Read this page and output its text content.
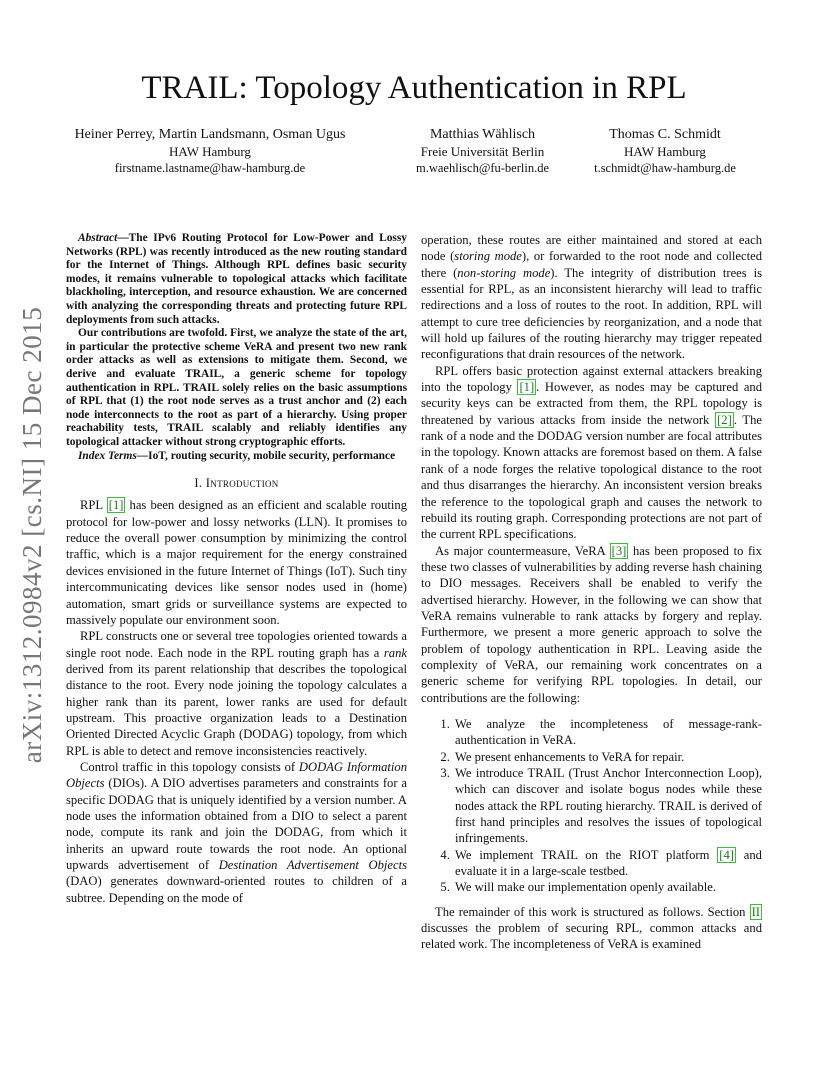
arXiv:1312.0984v2 [cs.NI] 15 Dec 2015
TRAIL: Topology Authentication in RPL
Heiner Perrey, Martin Landsmann, Osman Ugus
HAW Hamburg
firstname.lastname@haw-hamburg.de
Matthias Wählisch
Freie Universität Berlin
m.waehlisch@fu-berlin.de
Thomas C. Schmidt
HAW Hamburg
t.schmidt@haw-hamburg.de

Abstract—The IPv6 Routing Protocol for Low-Power and Lossy Networks (RPL) was recently introduced as the new routing standard for the Internet of Things. Although RPL defines basic security modes, it remains vulnerable to topological attacks which facilitate blackholing, interception, and resource exhaustion. We are concerned with analyzing the corresponding threats and protecting future RPL deployments from such attacks.

Our contributions are twofold. First, we analyze the state of the art, in particular the protective scheme VeRA and present two new rank order attacks as well as extensions to mitigate them. Second, we derive and evaluate TRAIL, a generic scheme for topology authentication in RPL. TRAIL solely relies on the basic assumptions of RPL that (1) the root node serves as a trust anchor and (2) each node interconnects to the root as part of a hierarchy. Using proper reachability tests, TRAIL scalably and reliably identifies any topological attacker without strong cryptographic efforts.

Index Terms—IoT, routing security, mobile security, performance

I. Introduction

RPL [1] has been designed as an efficient and scalable routing protocol for low-power and lossy networks (LLN). It promises to reduce the overall power consumption by minimizing the control traffic, which is a major requirement for the energy constrained devices envisioned in the future Internet of Things (IoT). Such tiny intercommunicating devices like sensor nodes used in (home) automation, smart grids or surveillance systems are expected to massively populate our environment soon.

RPL constructs one or several tree topologies oriented towards a single root node. Each node in the RPL routing graph has a rank derived from its parent relationship that describes the topological distance to the root. Every node joining the topology calculates a higher rank than its parent, lower ranks are used for default upstream. This proactive organization leads to a Destination Oriented Directed Acyclic Graph (DODAG) topology, from which RPL is able to detect and remove inconsistencies reactively.

Control traffic in this topology consists of DODAG Information Objects (DIOs). A DIO advertises parameters and constraints for a specific DODAG that is uniquely identified by a version number. A node uses the information obtained from a DIO to select a parent node, compute its rank and join the DODAG, from which it inherits an upward route towards the root node. An optional upwards advertisement of Destination Advertisement Objects (DAO) generates downward-oriented routes to children of a subtree. Depending on the mode of

operation, these routes are either maintained and stored at each node (storing mode), or forwarded to the root node and collected there (non-storing mode). The integrity of distribution trees is essential for RPL, as an inconsistent hierarchy will lead to traffic redirections and a loss of routes to the root. In addition, RPL will attempt to cure tree deficiencies by reorganization, and a node that will hold up failures of the routing hierarchy may trigger repeated reconfigurations that drain resources of the network.

RPL offers basic protection against external attackers breaking into the topology [1] . However, as nodes may be captured and security keys can be extracted from them, the RPL topology is threatened by various attacks from inside the network [2] . The rank of a node and the DODAG version number are focal attributes in the topology. Known attacks are foremost based on them. A false rank of a node forges the relative topological distance to the root and thus disarranges the hierarchy. An inconsistent version breaks the reference to the topological graph and causes the network to rebuild its routing graph. Corresponding protections are not part of the current RPL specifications.

As major countermeasure, VeRA [3] has been proposed to fix these two classes of vulnerabilities by adding reverse hash chaining to DIO messages. Receivers shall be enabled to verify the advertised hierarchy. However, in the following we can show that VeRA remains vulnerable to rank attacks by forgery and replay. Furthermore, we present a more generic approach to solve the problem of topology authentication in RPL. Leaving aside the complexity of VeRA, our remaining work concentrates on a generic scheme for verifying RPL topologies. In detail, our contributions are the following:

1. We analyze the incompleteness of message-rank-authentication in VeRA.
2. We present enhancements to VeRA for repair.
3. We introduce TRAIL (Trust Anchor Interconnection Loop), which can discover and isolate bogus nodes while these nodes attack the RPL routing hierarchy. TRAIL is derived of first hand principles and resolves the issues of topological infringements.
4. We implement TRAIL on the RIOT platform [4] and evaluate it in a large-scale testbed.
5. We will make our implementation openly available.

The remainder of this work is structured as follows. Section II discusses the problem of securing RPL, common attacks and related work. The incompleteness of VeRA is examined
